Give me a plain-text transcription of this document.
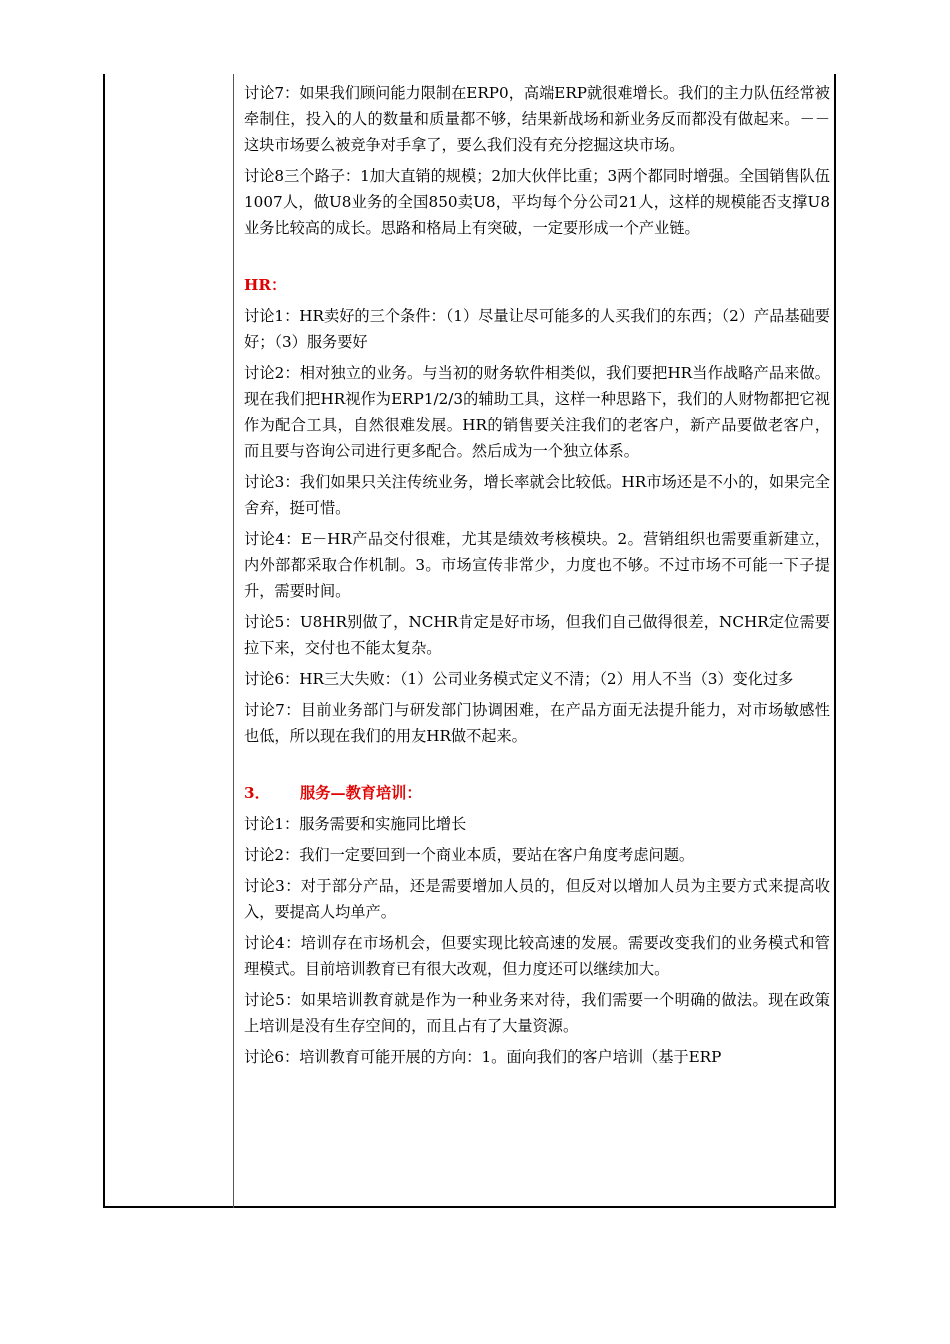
讨论7：如果我们顾问能力限制在ERP0，高端ERP就很难增长。我们的主力队伍经常被牵制住，投入的人的数量和质量都不够，结果新战场和新业务反而都没有做起来。－－这块市场要么被竞争对手拿了，要么我们没有充分挖掘这块市场。

讨论8三个路子：1加大直销的规模；2加大伙伴比重；3两个都同时增强。全国销售队伍1007人，做U8业务的全国850卖U8，平均每个分公司21人，这样的规模能否支撑U8业务比较高的成长。思路和格局上有突破，一定要形成一个产业链。

HR：

讨论1：HR卖好的三个条件：（1）尽量让尽可能多的人买我们的东西；（2）产品基础要好；（3）服务要好

讨论2：相对独立的业务。与当初的财务软件相类似，我们要把HR当作战略产品来做。现在我们把HR视作为ERP1/2/3的辅助工具，这样一种思路下，我们的人财物都把它视作为配合工具，自然很难发展。HR的销售要关注我们的老客户，新产品要做老客户，而且要与咨询公司进行更多配合。然后成为一个独立体系。

讨论3：我们如果只关注传统业务，增长率就会比较低。HR市场还是不小的，如果完全舍弃，挺可惜。

讨论4：E－HR产品交付很难，尤其是绩效考核模块。2。营销组织也需要重新建立，内外部都采取合作机制。3。市场宣传非常少，力度也不够。不过市场不可能一下子提升，需要时间。

讨论5：U8HR别做了，NCHR肯定是好市场，但我们自己做得很差，NCHR定位需要拉下来，交付也不能太复杂。

讨论6：HR三大失败：（1）公司业务模式定义不清；（2）用人不当（3）变化过多

讨论7：目前业务部门与研发部门协调困难，在产品方面无法提升能力，对市场敏感性也低，所以现在我们的用友HR做不起来。

3． 服务—教育培训：

讨论1：服务需要和实施同比增长

讨论2：我们一定要回到一个商业本质，要站在客户角度考虑问题。

讨论3：对于部分产品，还是需要增加人员的，但反对以增加人员为主要方式来提高收入，要提高人均单产。

讨论4：培训存在市场机会，但要实现比较高速的发展。需要改变我们的业务模式和管理模式。目前培训教育已有很大改观，但力度还可以继续加大。

讨论5：如果培训教育就是作为一种业务来对待，我们需要一个明确的做法。现在政策上培训是没有生存空间的，而且占有了大量资源。

讨论6：培训教育可能开展的方向：1。面向我们的客户培训（基于ERP
